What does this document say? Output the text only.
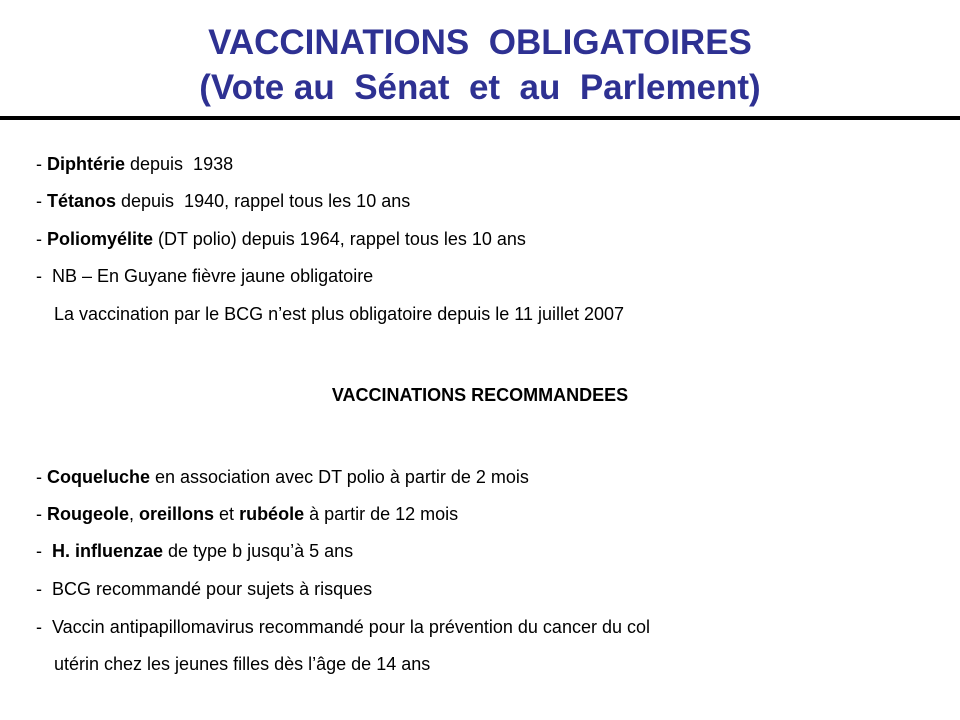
VACCINATIONS  OBLIGATOIRES
(Vote au  Sénat  et  au  Parlement)
- Diphtérie depuis  1938
- Tétanos depuis  1940, rappel tous les 10 ans
- Poliomyélite (DT polio) depuis 1964, rappel tous les 10 ans
-  NB – En Guyane fièvre jaune obligatoire
La vaccination par le BCG n’est plus obligatoire depuis le 11 juillet 2007
VACCINATIONS RECOMMANDEES
- Coqueluche en association avec DT polio à partir de 2 mois
- Rougeole, oreillons et rubéole à partir de 12 mois
-  H. influenzae de type b jusqu’à 5 ans
-  BCG recommandé pour sujets à risques
-  Vaccin antipapillomavirus recommandé pour la prévention du cancer du col
utérin chez les jeunes filles dès l’âge de 14 ans
